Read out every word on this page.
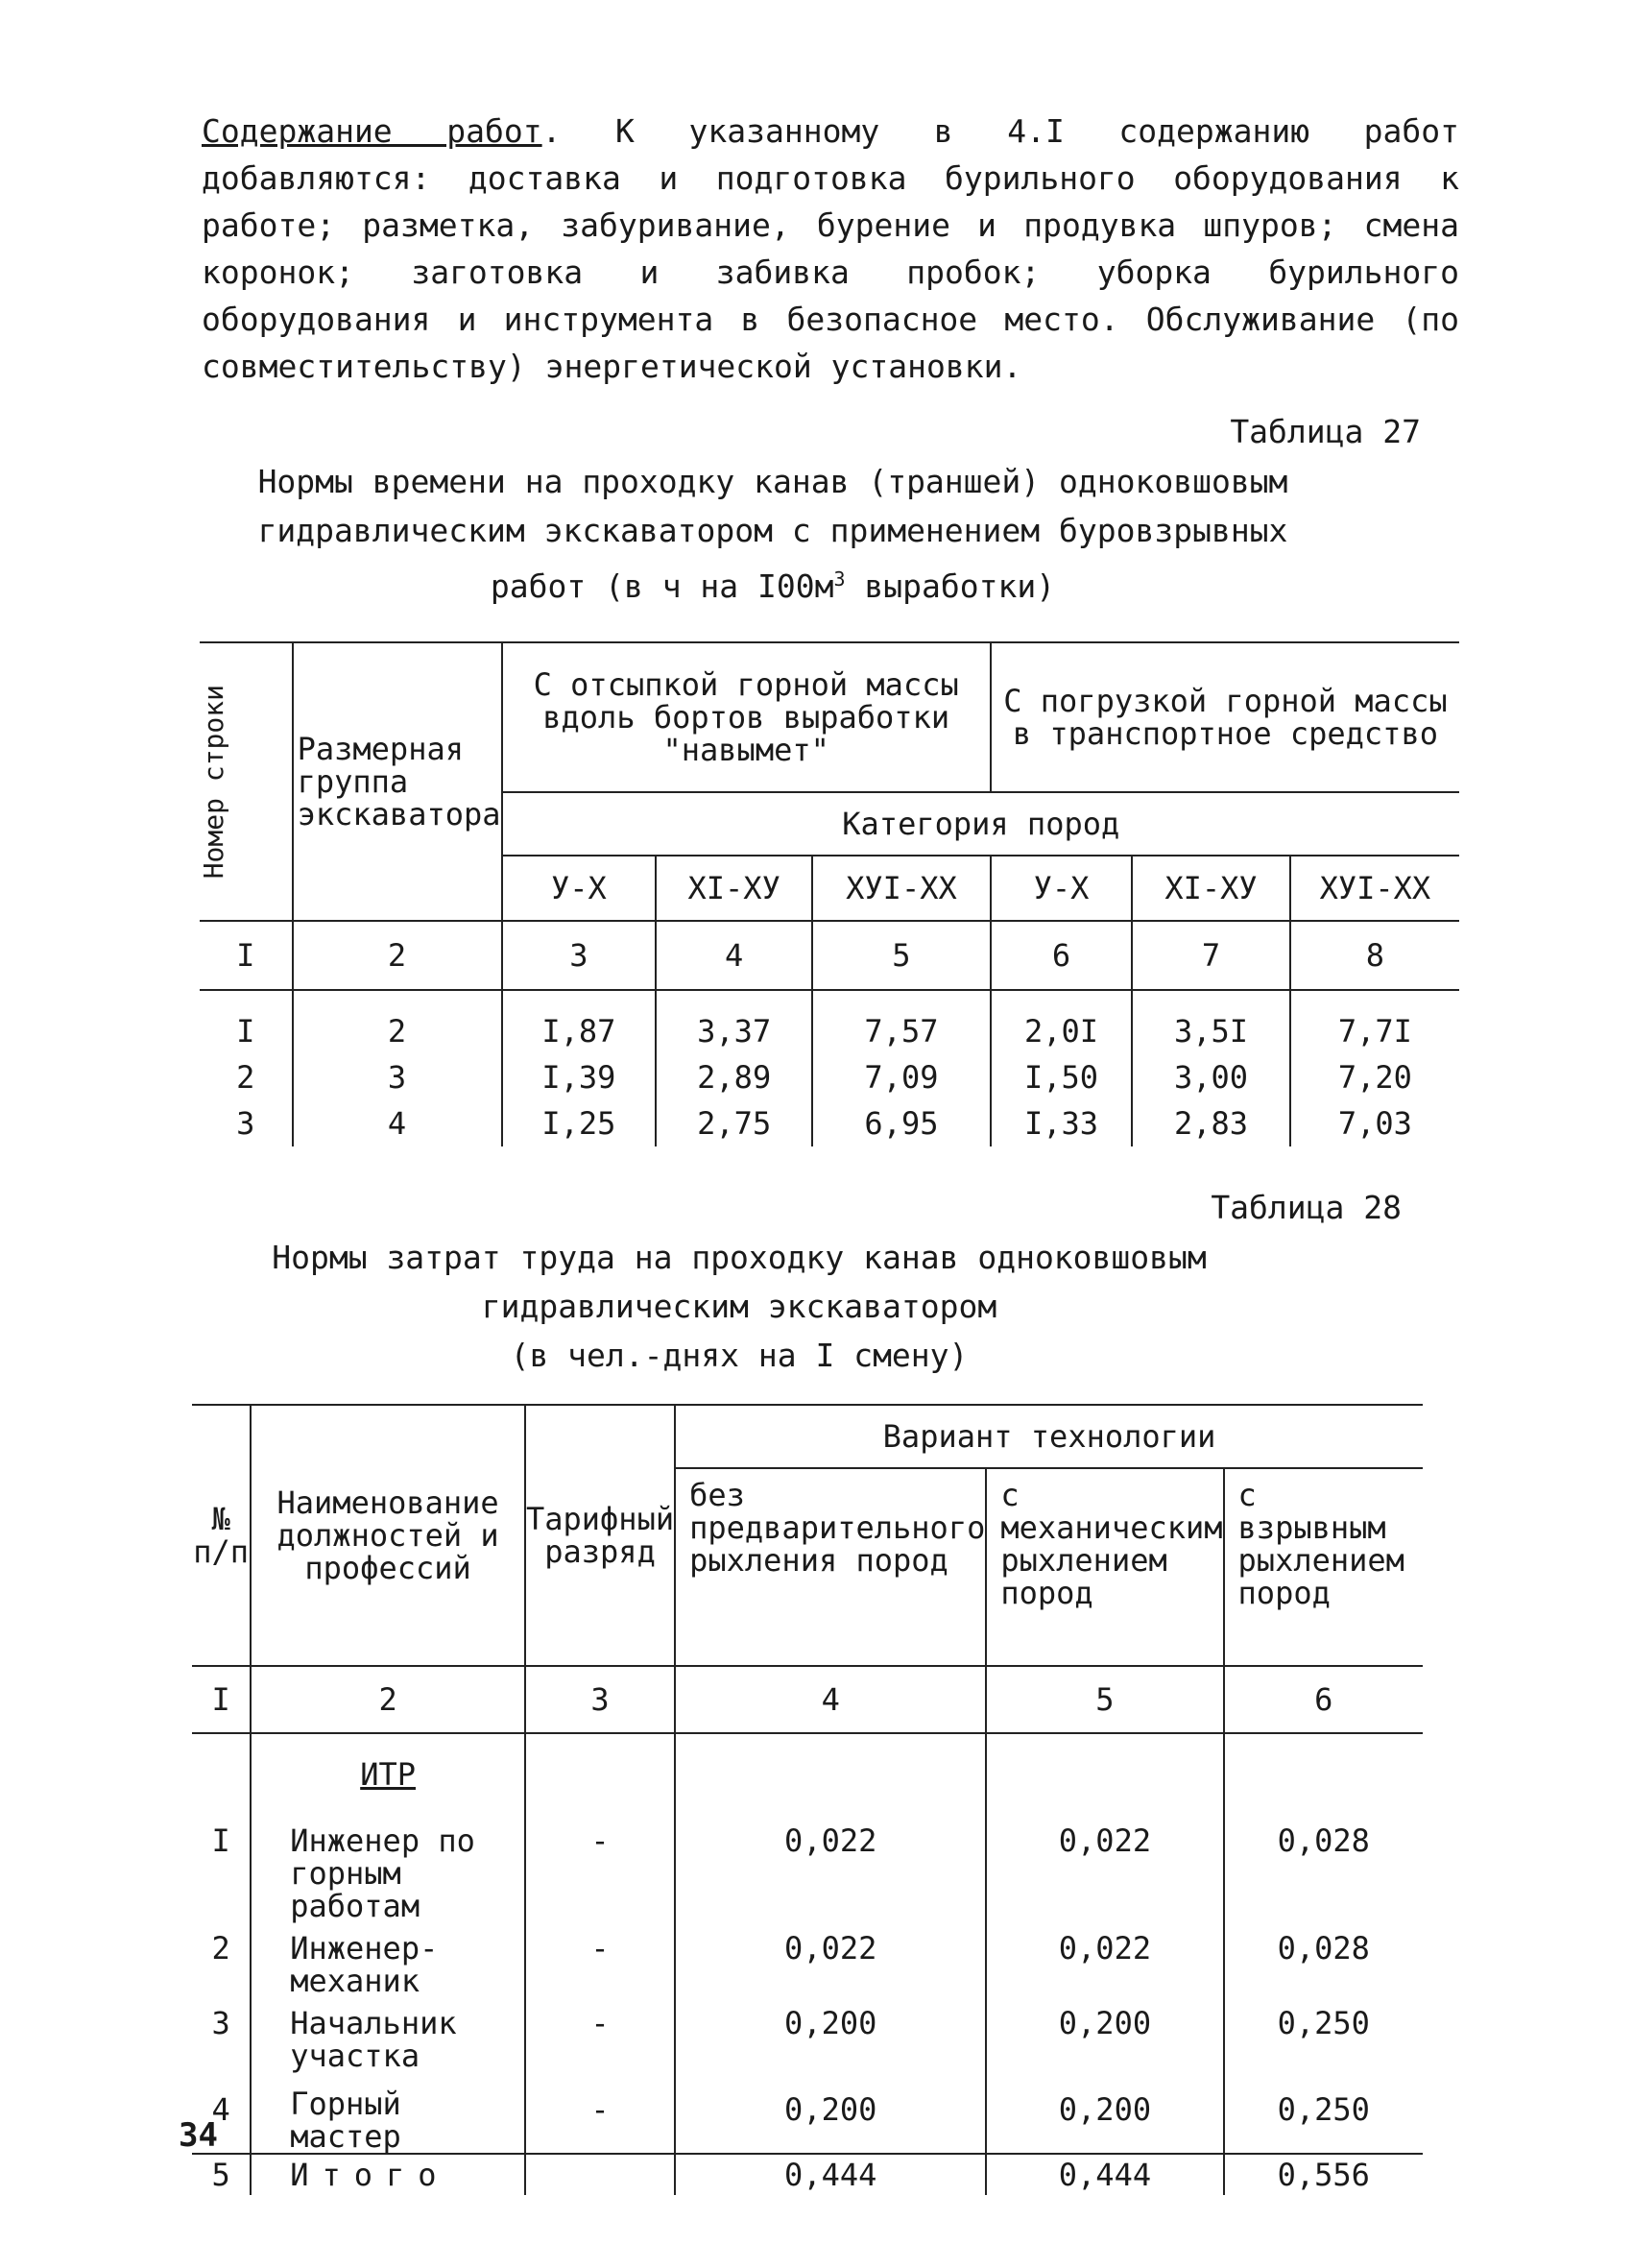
Содержание работ. К указанному в 4.I содержанию работ добавляются: доставка и подготовка бурильного оборудования к работе; разметка, забуривание, бурение и продувка шпуров; смена коронок; заготовка и забивка пробок; уборка бурильного оборудования и инструмента в безопасное место. Обслуживание (по совместительству) энергетической установки.
Таблица 27
Нормы времени на проходку канав (траншей) одноковшовым
гидравлическим экскаватором с применением буровзрывных
работ (в ч на $I00м^3$ выработки)
Номер строки	Размерная группа экскаватора	С отсыпкой горной массы вдоль бортов выработки "навымет"			С погрузкой горной массы в транспортное средство		
		Категория пород					
		У-X	XI-XУ	XУI-XX	У-X	XI-XУ	XУI-XX
I	2	3	4	5	6	7	8
I	2	I,87	3,37	7,57	2,0I	3,5I	7,7I
2	3	I,39	2,89	7,09	I,50	3,00	7,20
3	4	I,25	2,75	6,95	I,33	2,83	7,03
Таблица 28
Нормы затрат труда на проходку канав одноковшовым
гидравлическим экскаватором
(в чел.-днях на I смену)
№ п/п	Наименование должностей и профессий	Тарифный разряд	Вариант технологии		
			без предварительного рыхления пород	с механическим рыхлением пород	с взрывным рыхлением пород
I	2	3	4	5	6
	ИТР				
I	Инженер по горным работам	-	0,022	0,022	0,028
2	Инженер-механик	-	0,022	0,022	0,028
3	Начальник участка	-	0,200	0,200	0,250
4	Горный мастер	-	0,200	0,200	0,250
5	Итого		0,444	0,444	0,556
34
